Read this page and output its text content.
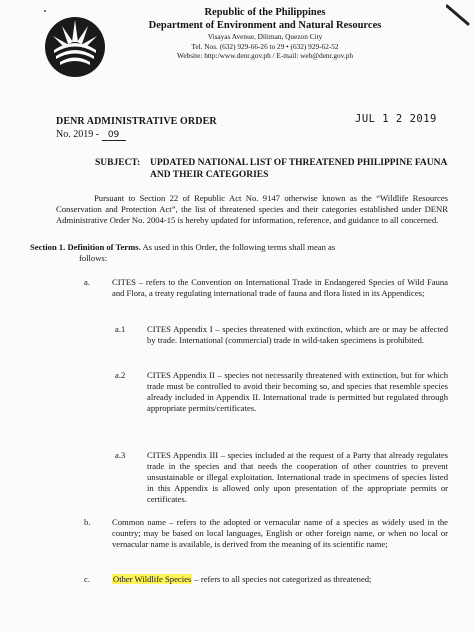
Republic of the Philippines
Department of Environment and Natural Resources
Visayas Avenue, Diliman, Quezon City
Tel. Nos. (632) 929-66-26 to 29 • (632) 929-62-52
Website: http:/www.denr.gov.ph / E-mail: web@denr.gov.ph
DENR ADMINISTRATIVE ORDER
No. 2019 - 09
JUL 1 2 2019
SUBJECT: UPDATED NATIONAL LIST OF THREATENED PHILIPPINE FAUNA AND THEIR CATEGORIES
Pursuant to Section 22 of Republic Act No. 9147 otherwise known as the “Wildlife Resources Conservation and Protection Act”, the list of threatened species and their categories established under DENR Administrative Order No. 2004-15 is hereby updated for information, reference, and guidance to all concerned.
Section 1. Definition of Terms. As used in this Order, the following terms shall mean as
follows:
a.	CITES – refers to the Convention on International Trade in Endangered Species of Wild Fauna and Flora, a treaty regulating international trade of fauna and flora listed in its Appendices;
a.1	CITES Appendix I – species threatened with extinction, which are or may be affected by trade. International (commercial) trade in wild-taken specimens is prohibited.
a.2	CITES Appendix II – species not necessarily threatened with extinction, but for which trade must be controlled to avoid their becoming so, and species that resemble species already included in Appendix II. International trade is permitted but regulated through appropriate permits/certificates.
a.3	CITES Appendix III – species included at the request of a Party that already regulates trade in the species and that needs the cooperation of other countries to prevent unsustainable or illegal exploitation. International trade in specimens of species listed in this Appendix is allowed only upon presentation of the appropriate permits or certificates.
b.	Common name – refers to the adopted or vernacular name of a species as widely used in the country; may be based on local languages, English or other foreign name, or when no local or vernacular name is available, is derived from the meaning of its scientific name;
c.	Other Wildlife Species – refers to all species not categorized as threatened;
